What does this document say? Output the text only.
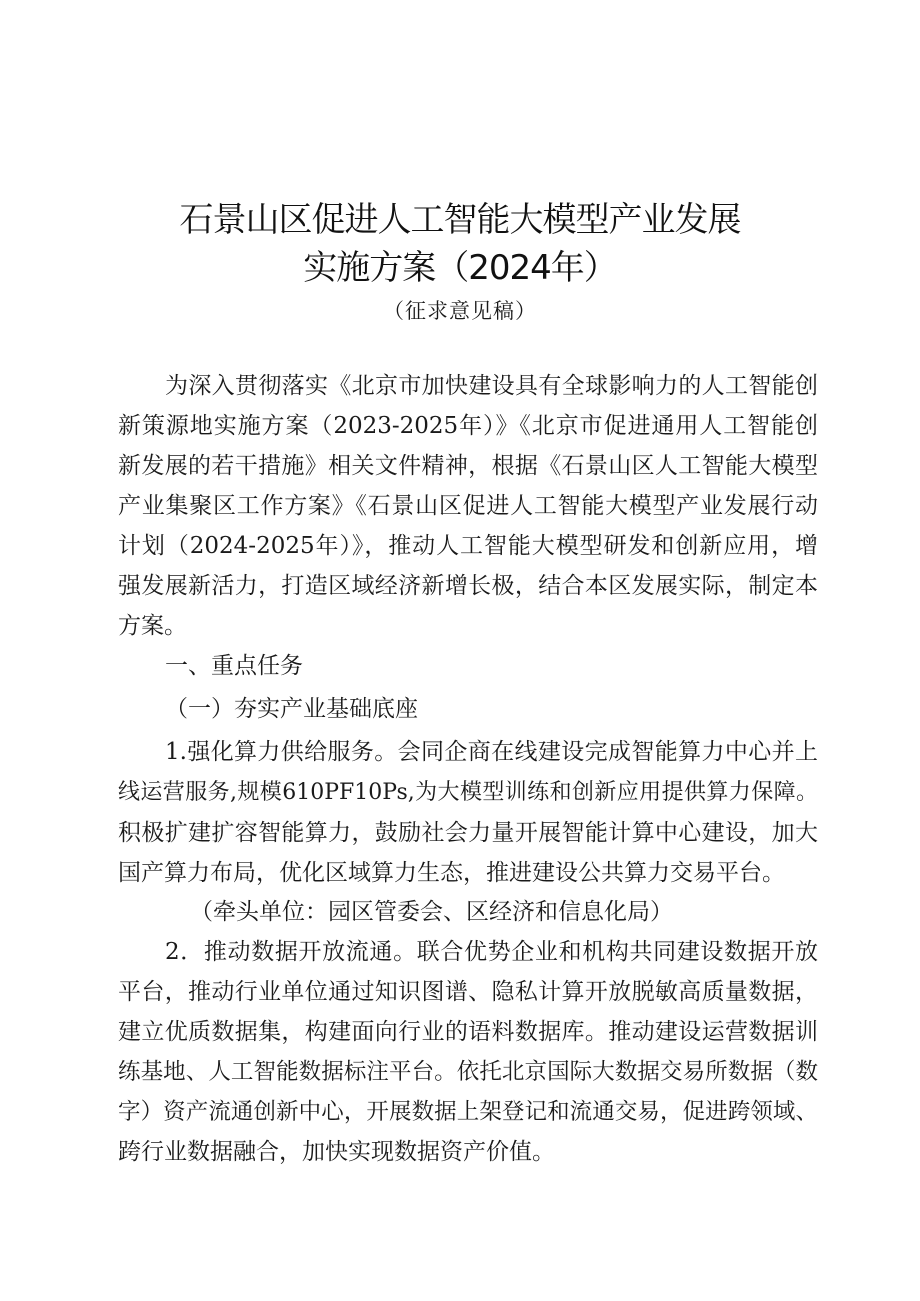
石景山区促进人工智能大模型产业发展
实施方案（2024年）
（征求意见稿）
为深入贯彻落实《北京市加快建设具有全球影响力的人工智能创
新策源地实施方案（2023-2025年）》《北京市促进通用人工智能创
新发展的若干措施》相关文件精神，根据《石景山区人工智能大模型
产业集聚区工作方案》《石景山区促进人工智能大模型产业发展行动
计划（2024-2025年）》，推动人工智能大模型研发和创新应用，增
强发展新活力，打造区域经济新增长极，结合本区发展实际，制定本
方案。
一、重点任务
（一）夯实产业基础底座
1.强化算力供给服务。会同企商在线建设完成智能算力中心并上
线运营服务,规模610PF10Ps,为大模型训练和创新应用提供算力保障。
积极扩建扩容智能算力，鼓励社会力量开展智能计算中心建设，加大
国产算力布局，优化区域算力生态，推进建设公共算力交易平台。
（牵头单位：园区管委会、区经济和信息化局）
2．推动数据开放流通。联合优势企业和机构共同建设数据开放
平台，推动行业单位通过知识图谱、隐私计算开放脱敏高质量数据，
建立优质数据集，构建面向行业的语料数据库。推动建设运营数据训
练基地、人工智能数据标注平台。依托北京国际大数据交易所数据（数
字）资产流通创新中心，开展数据上架登记和流通交易，促进跨领域、
跨行业数据融合，加快实现数据资产价值。
